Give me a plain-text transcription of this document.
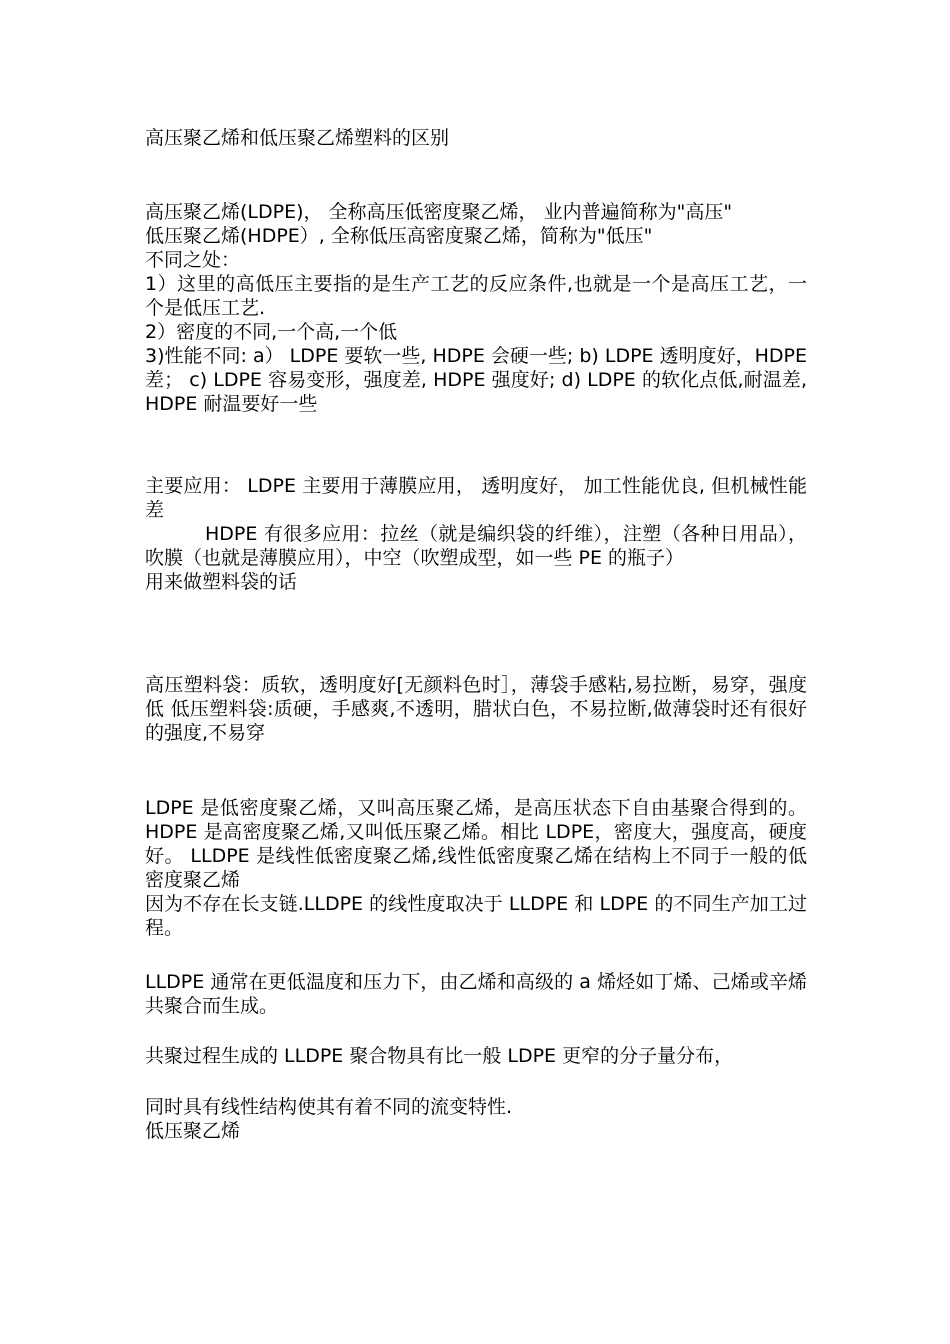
高压聚乙烯和低压聚乙烯塑料的区别
高压聚乙烯(LDPE)， 全称高压低密度聚乙烯， 业内普遍简称为"高压"
低压聚乙烯(HDPE）, 全称低压高密度聚乙烯，简称为"低压"
不同之处：
1）这里的高低压主要指的是生产工艺的反应条件,也就是一个是高压工艺，一个是低压工艺.
2）密度的不同,一个高,一个低
3)性能不同: a） LDPE 要软一些, HDPE 会硬一些; b) LDPE 透明度好，HDPE 差； c) LDPE 容易变形，强度差, HDPE 强度好; d) LDPE 的软化点低,耐温差, HDPE 耐温要好一些
主要应用： LDPE 主要用于薄膜应用， 透明度好， 加工性能优良, 但机械性能差
HDPE 有很多应用：拉丝（就是编织袋的纤维），注塑（各种日用品），吹膜（也就是薄膜应用），中空（吹塑成型，如一些 PE 的瓶子）
用来做塑料袋的话
高压塑料袋：质软，透明度好[无颜料色时］，薄袋手感粘,易拉断，易穿，强度低 低压塑料袋:质硬，手感爽,不透明，腊状白色，不易拉断,做薄袋时还有很好的强度,不易穿
LDPE 是低密度聚乙烯，又叫高压聚乙烯，是高压状态下自由基聚合得到的。 HDPE 是高密度聚乙烯,又叫低压聚乙烯。相比 LDPE，密度大，强度高，硬度好。 LLDPE 是线性低密度聚乙烯,线性低密度聚乙烯在结构上不同于一般的低密度聚乙烯
因为不存在长支链.LLDPE 的线性度取决于 LLDPE 和 LDPE 的不同生产加工过程。
LLDPE 通常在更低温度和压力下，由乙烯和高级的 a 烯烃如丁烯、己烯或辛烯共聚合而生成。
共聚过程生成的 LLDPE 聚合物具有比一般 LDPE 更窄的分子量分布，
同时具有线性结构使其有着不同的流变特性.
低压聚乙烯
